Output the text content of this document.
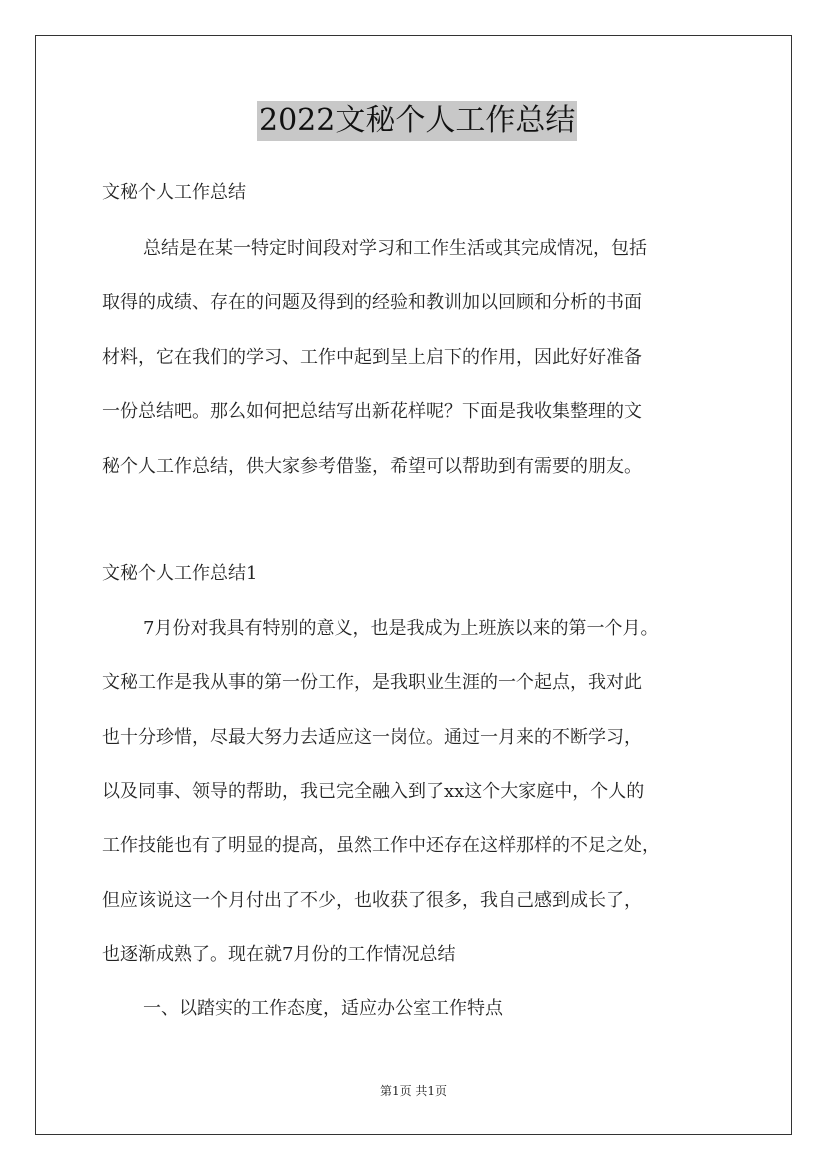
2022文秘个人工作总结
文秘个人工作总结
总结是在某一特定时间段对学习和工作生活或其完成情况，包括
取得的成绩、存在的问题及得到的经验和教训加以回顾和分析的书面
材料，它在我们的学习、工作中起到呈上启下的作用，因此好好准备
一份总结吧。那么如何把总结写出新花样呢？下面是我收集整理的文
秘个人工作总结，供大家参考借鉴，希望可以帮助到有需要的朋友。
文秘个人工作总结1
7月份对我具有特别的意义，也是我成为上班族以来的第一个月。
文秘工作是我从事的第一份工作，是我职业生涯的一个起点，我对此
也十分珍惜，尽最大努力去适应这一岗位。通过一月来的不断学习，
以及同事、领导的帮助，我已完全融入到了xx这个大家庭中，个人的
工作技能也有了明显的提高，虽然工作中还存在这样那样的不足之处，
但应该说这一个月付出了不少，也收获了很多，我自己感到成长了，
也逐渐成熟了。现在就7月份的工作情况总结
一、以踏实的工作态度，适应办公室工作特点
第1页 共1页
